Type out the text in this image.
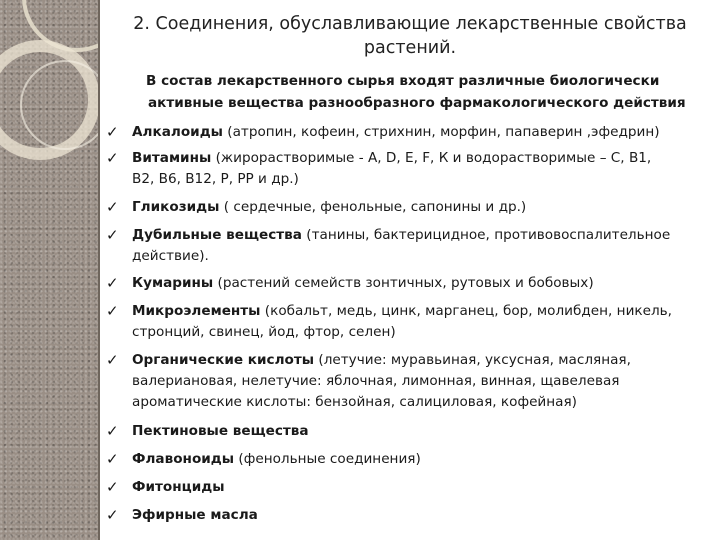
2. Соединения, обуславливающие лекарственные свойства
растений.
В состав лекарственного сырья входят различные биологически
активные вещества разнообразного фармакологического действия
✓ Алкалоиды (атропин, кофеин, стрихнин, морфин, папаверин ,эфедрин)
✓ Витамины (жирорастворимые - А, D, Е, F, К и водорастворимые – С, В1,
В2, В6, В12, Р, РР и др.)
✓ Гликозиды ( сердечные, фенольные, сапонины и др.)
✓ Дубильные вещества (танины, бактерицидное, противовоспалительное
действие).
✓ Кумарины (растений семейств зонтичных, рутовых и бобовых)
✓ Микроэлементы (кобальт, медь, цинк, марганец, бор, молибден, никель,
стронций, свинец, йод, фтор, селен)
✓ Органические кислоты (летучие: муравьиная, уксусная, масляная,
валериановая, нелетучие: яблочная, лимонная, винная, щавелевая
ароматические кислоты: бензойная, салициловая, кофейная)
✓ Пектиновые вещества
✓ Флавоноиды (фенольные соединения)
✓ Фитонциды
✓ Эфирные масла
